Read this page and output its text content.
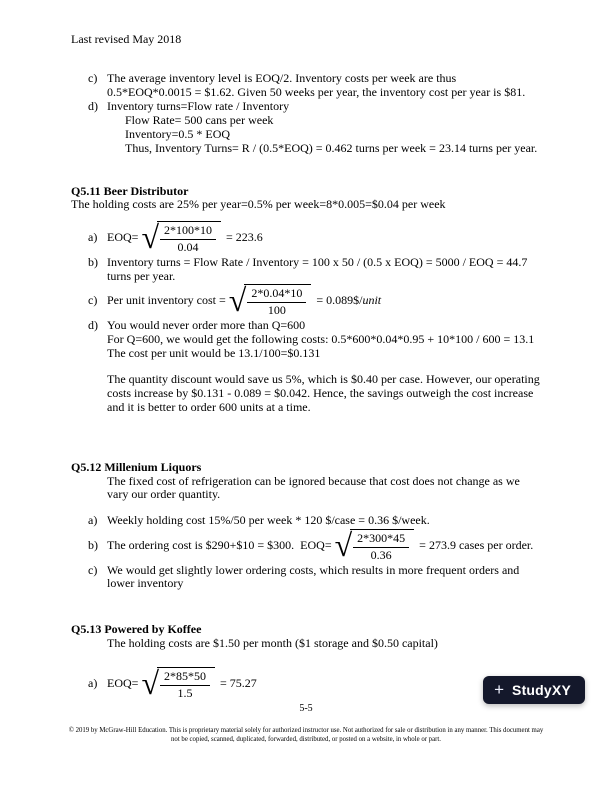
Last revised May 2018
c) The average inventory level is EOQ/2. Inventory costs per week are thus 0.5*EOQ*0.0015 = $1.62. Given 50 weeks per year, the inventory cost per year is $81.
d) Inventory turns=Flow rate / Inventory
Flow Rate= 500 cans per week
Inventory=0.5 * EOQ
Thus, Inventory Turns= R / (0.5*EOQ) = 0.462 turns per week = 23.14 turns per year.
Q5.11 Beer Distributor
The holding costs are 25% per year=0.5% per week=8*0.005=$0.04 per week
a) EOQ= √ 2*100*10
0.04
= 223.6
b) Inventory turns = Flow Rate / Inventory = 100 x 50 / (0.5 x EOQ) = 5000 / EOQ = 44.7 turns per year.
c) Per unit inventory cost = √ 2*0.04*10
100
= 0.089$/ unit
d) You would never order more than Q=600
For Q=600, we would get the following costs: 0.5*600*0.04*0.95 + 10*100 / 600 = 13.1
The cost per unit would be 13.1/100=$0.131
The quantity discount would save us 5%, which is $0.40 per case. However, our operating costs increase by $0.131 - 0.089 = $0.042. Hence, the savings outweigh the cost increase and it is better to order 600 units at a time.
Q5.12 Millenium Liquors
The fixed cost of refrigeration can be ignored because that cost does not change as we vary our order quantity.
a) Weekly holding cost 15%/50 per week * 120 $/case = 0.36 $/week.
b) The ordering cost is $290+$10 = $300.  EOQ= √ 2*300*45
0.36
= 273.9 cases per order.
c) We would get slightly lower ordering costs, which results in more frequent orders and lower inventory
Q5.13 Powered by Koffee
The holding costs are $1.50 per month ($1 storage and $0.50 capital)
a) EOQ= √ 2*85*50
1.5
= 75.27	+ StudyXY
5-5
© 2019 by McGraw-Hill Education. This is proprietary material solely for authorized instructor use. Not authorized for sale or distribution in any manner. This document may not be copied, scanned, duplicated, forwarded, distributed, or posted on a website, in whole or part.
